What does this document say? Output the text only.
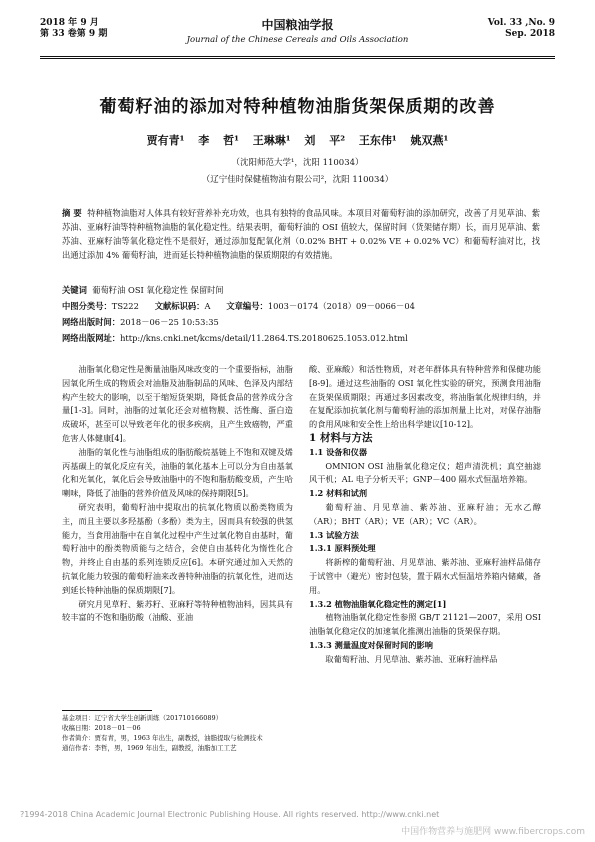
2018 年 9 月
第 33 卷第 9 期
中国粮油学报
Journal of the Chinese Cereals and Oils Association
Vol. 33 ,No. 9
Sep. 2018
葡萄籽油的添加对特种植物油脂货架保质期的改善
贾有青¹ 李 哲¹ 王琳琳¹ 刘 平² 王东伟¹ 姚双燕¹
（沈阳师范大学¹，沈阳 110034）
（辽宁佳时保健植物油有限公司²，沈阳 110034）
摘 要 特种植物油脂对人体具有较好营养补充功效，也具有独特的食品风味。本项目对葡萄籽油的添加研究，改善了月见草油、紫苏油、亚麻籽油等特种植物油脂的氧化稳定性。结果表明，葡萄籽油的 OSI 值较大，保留时间（货架储存期）长，而月见草油、紫苏油、亚麻籽油等氧化稳定性不是很好，通过添加复配氧化剂（0.02% BHT + 0.02% VE + 0.02% VC）和葡萄籽油对比，找出通过添加 4% 葡萄籽油，进而延长特种植物油脂的保质期限的有效措施。
关键词 葡萄籽油 OSI 氧化稳定性 保留时间
中图分类号：TS222 文献标识码：A 文章编号：1003－0174（2018）09－0066－04
网络出版时间：2018－06－25 10:53:35
网络出版网址：http://kns.cnki.net/kcms/detail/11.2864.TS.20180625.1053.012.html

油脂氧化稳定性是衡量油脂风味改变的一个重要指标，油脂因氧化所生成的物质会对油脂及油脂制品的风味、色泽及内部结构产生较大的影响，以至于缩短货架期，降低食品的营养成分含量[1-3]。同时，油脂的过氧化还会对植物膜、活性酶、蛋白造成破坏，甚至可以导致老年化的很多疾病，且产生致癌物，严重危害人体健康[4]。

油脂的氧化性与油脂组成的脂肪酸烷基链上不饱和双键及烯丙基碳上的氧化反应有关，油脂的氧化基本上可以分为自由基氧化和光氧化，氧化后会导致油脂中的不饱和脂肪酸变质，产生哈喇味，降低了油脂的营养价值及风味的保持期限[5]。

研究表明，葡萄籽油中提取出的抗氧化物质以酚类物质为主，而且主要以多羟基酚（多酚）类为主，因而具有较强的供氢能力，当食用油脂中在自氧化过程中产生过氧化物自由基时，葡萄籽油中的酚类物质能与之结合，会使自由基转化为惰性化合物，并终止自由基的系列连锁反应[6]。本研究通过加入天然的抗氧化能力较强的葡萄籽油来改善特种油脂的抗氧化性，进而达到延长特种油脂的保质期限[7]。

研究月见草籽、紫苏籽、亚麻籽等特种植物油料，因其具有较丰富的不饱和脂肪酸（油酸、亚油

酸、亚麻酸）和活性物质，对老年群体具有特种营养和保健功能[8-9]。通过这些油脂的 OSI 氧化性实验的研究，预测食用油脂在货架保质期限；再通过多因素改变，将油脂氧化规律归纳，并在复配添加抗氧化剂与葡萄籽油的添加剂量上比对，对保存油脂的食用风味和安全性上给出科学建议[10-12]。

1 材料与方法

1.1 设备和仪器

OMNION OSI 油脂氧化稳定仪；超声清洗机；真空抽滤风干机；AL 电子分析天平；GNP－400 隔水式恒温培养箱。

1.2 材料和试剂

葡萄籽油、月见草油、紫苏油、亚麻籽油；无水乙醇（AR）；BHT（AR）；VE（AR）；VC（AR）。

1.3 试验方法

1.3.1 原料预处理

将新榨的葡萄籽油、月见草油、紫苏油、亚麻籽油样品储存于试管中（避光）密封包装，置于隔水式恒温培养箱内储藏，备用。

1.3.2 植物油脂氧化稳定性的测定[1]

植物油脂氧化稳定性参照 GB/T 21121—2007，采用 OSI 油脂氧化稳定仪的加速氧化推测出油脂的货架保存期。

1.3.3 测量温度对保留时间的影响

取葡萄籽油、月见草油、紫苏油、亚麻籽油样品

基金项目：辽宁省大学生创新训练（201710166089）
收稿日期：2018－01－06
作者简介：贾有青，男，1963 年出生，副教授，油脂提取与检测技术
通信作者：李哲，男，1969 年出生，副教授，油脂加工工艺
?1994-2018 China Academic Journal Electronic Publishing House. All rights reserved. http://www.cnki.net
中国作物营养与施肥网 www.fibercrops.com
